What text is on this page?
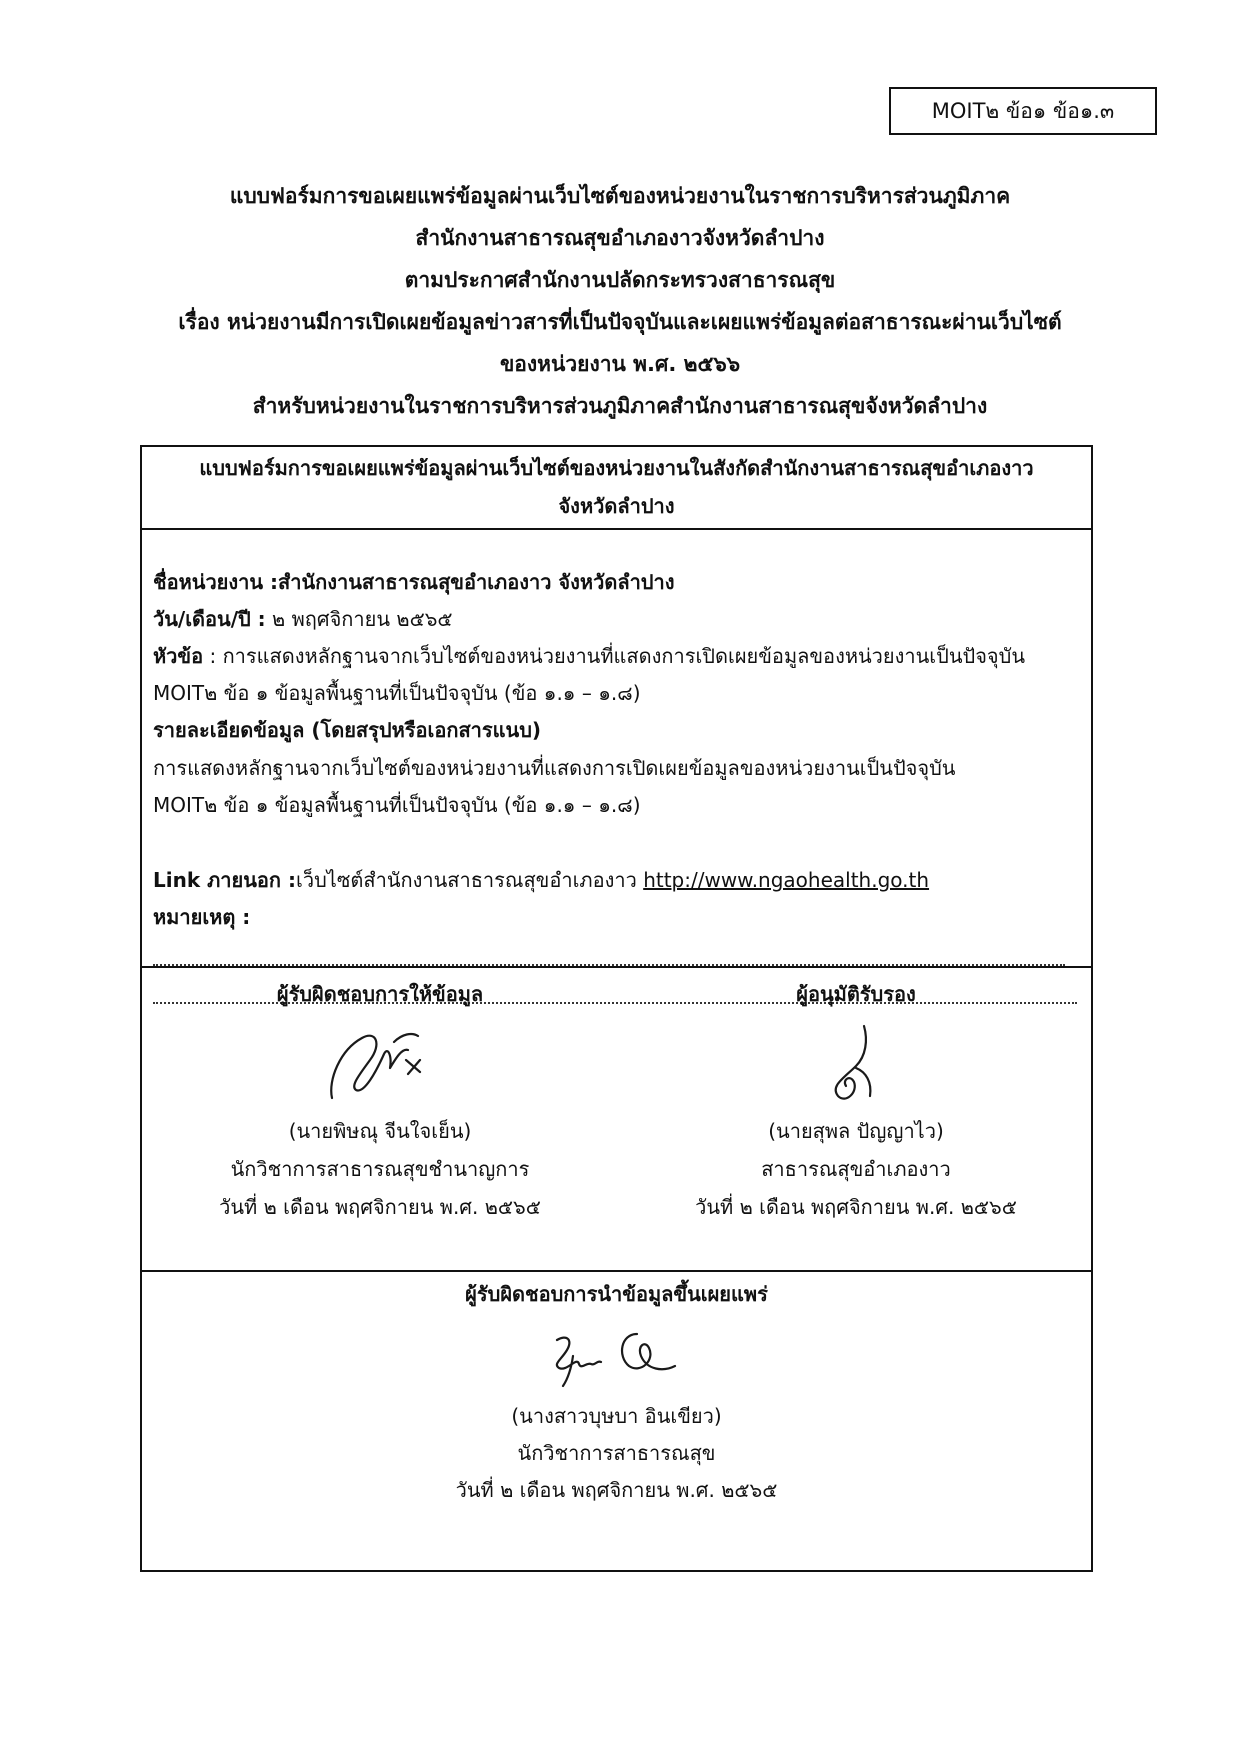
MOIT๒ ข้อ๑ ข้อ๑.๓
แบบฟอร์มการขอเผยแพร่ข้อมูลผ่านเว็บไซต์ของหน่วยงานในราชการบริหารส่วนภูมิภาค
สำนักงานสาธารณสุขอำเภองาวจังหวัดลำปาง
ตามประกาศสำนักงานปลัดกระทรวงสาธารณสุข
เรื่อง หน่วยงานมีการเปิดเผยข้อมูลข่าวสารที่เป็นปัจจุบันและเผยแพร่ข้อมูลต่อสาธารณะผ่านเว็บไซต์
ของหน่วยงาน พ.ศ. ๒๕๖๖
สำหรับหน่วยงานในราชการบริหารส่วนภูมิภาคสำนักงานสาธารณสุขจังหวัดลำปาง
แบบฟอร์มการขอเผยแพร่ข้อมูลผ่านเว็บไซต์ของหน่วยงานในสังกัดสำนักงานสาธารณสุขอำเภองาว
จังหวัดลำปาง
ชื่อหน่วยงาน :สำนักงานสาธารณสุขอำเภองาว จังหวัดลำปาง
วัน/เดือน/ปี : ๒ พฤศจิกายน ๒๕๖๕
หัวข้อ : การแสดงหลักฐานจากเว็บไซต์ของหน่วยงานที่แสดงการเปิดเผยข้อมูลของหน่วยงานเป็นปัจจุบัน
MOIT๒ ข้อ ๑ ข้อมูลพื้นฐานที่เป็นปัจจุบัน (ข้อ ๑.๑ – ๑.๘)
รายละเอียดข้อมูล (โดยสรุปหรือเอกสารแนบ)
การแสดงหลักฐานจากเว็บไซต์ของหน่วยงานที่แสดงการเปิดเผยข้อมูลของหน่วยงานเป็นปัจจุบัน
MOIT๒ ข้อ ๑ ข้อมูลพื้นฐานที่เป็นปัจจุบัน (ข้อ ๑.๑ – ๑.๘)
Link ภายนอก :เว็บไซต์สำนักงานสาธารณสุขอำเภองาว http://www.ngaohealth.go.th
หมายเหตุ :
ผู้รับผิดชอบการให้ข้อมูล
(นายพิษณุ จีนใจเย็น)
นักวิชาการสาธารณสุขชำนาญการ
วันที่ ๒ เดือน พฤศจิกายน พ.ศ. ๒๕๖๕
ผู้อนุมัติรับรอง
(นายสุพล ปัญญาไว)
สาธารณสุขอำเภองาว
วันที่ ๒ เดือน พฤศจิกายน พ.ศ. ๒๕๖๕
ผู้รับผิดชอบการนำข้อมูลขึ้นเผยแพร่
(นางสาวบุษบา อินเขียว)
นักวิชาการสาธารณสุข
วันที่ ๒ เดือน พฤศจิกายน พ.ศ. ๒๕๖๕
